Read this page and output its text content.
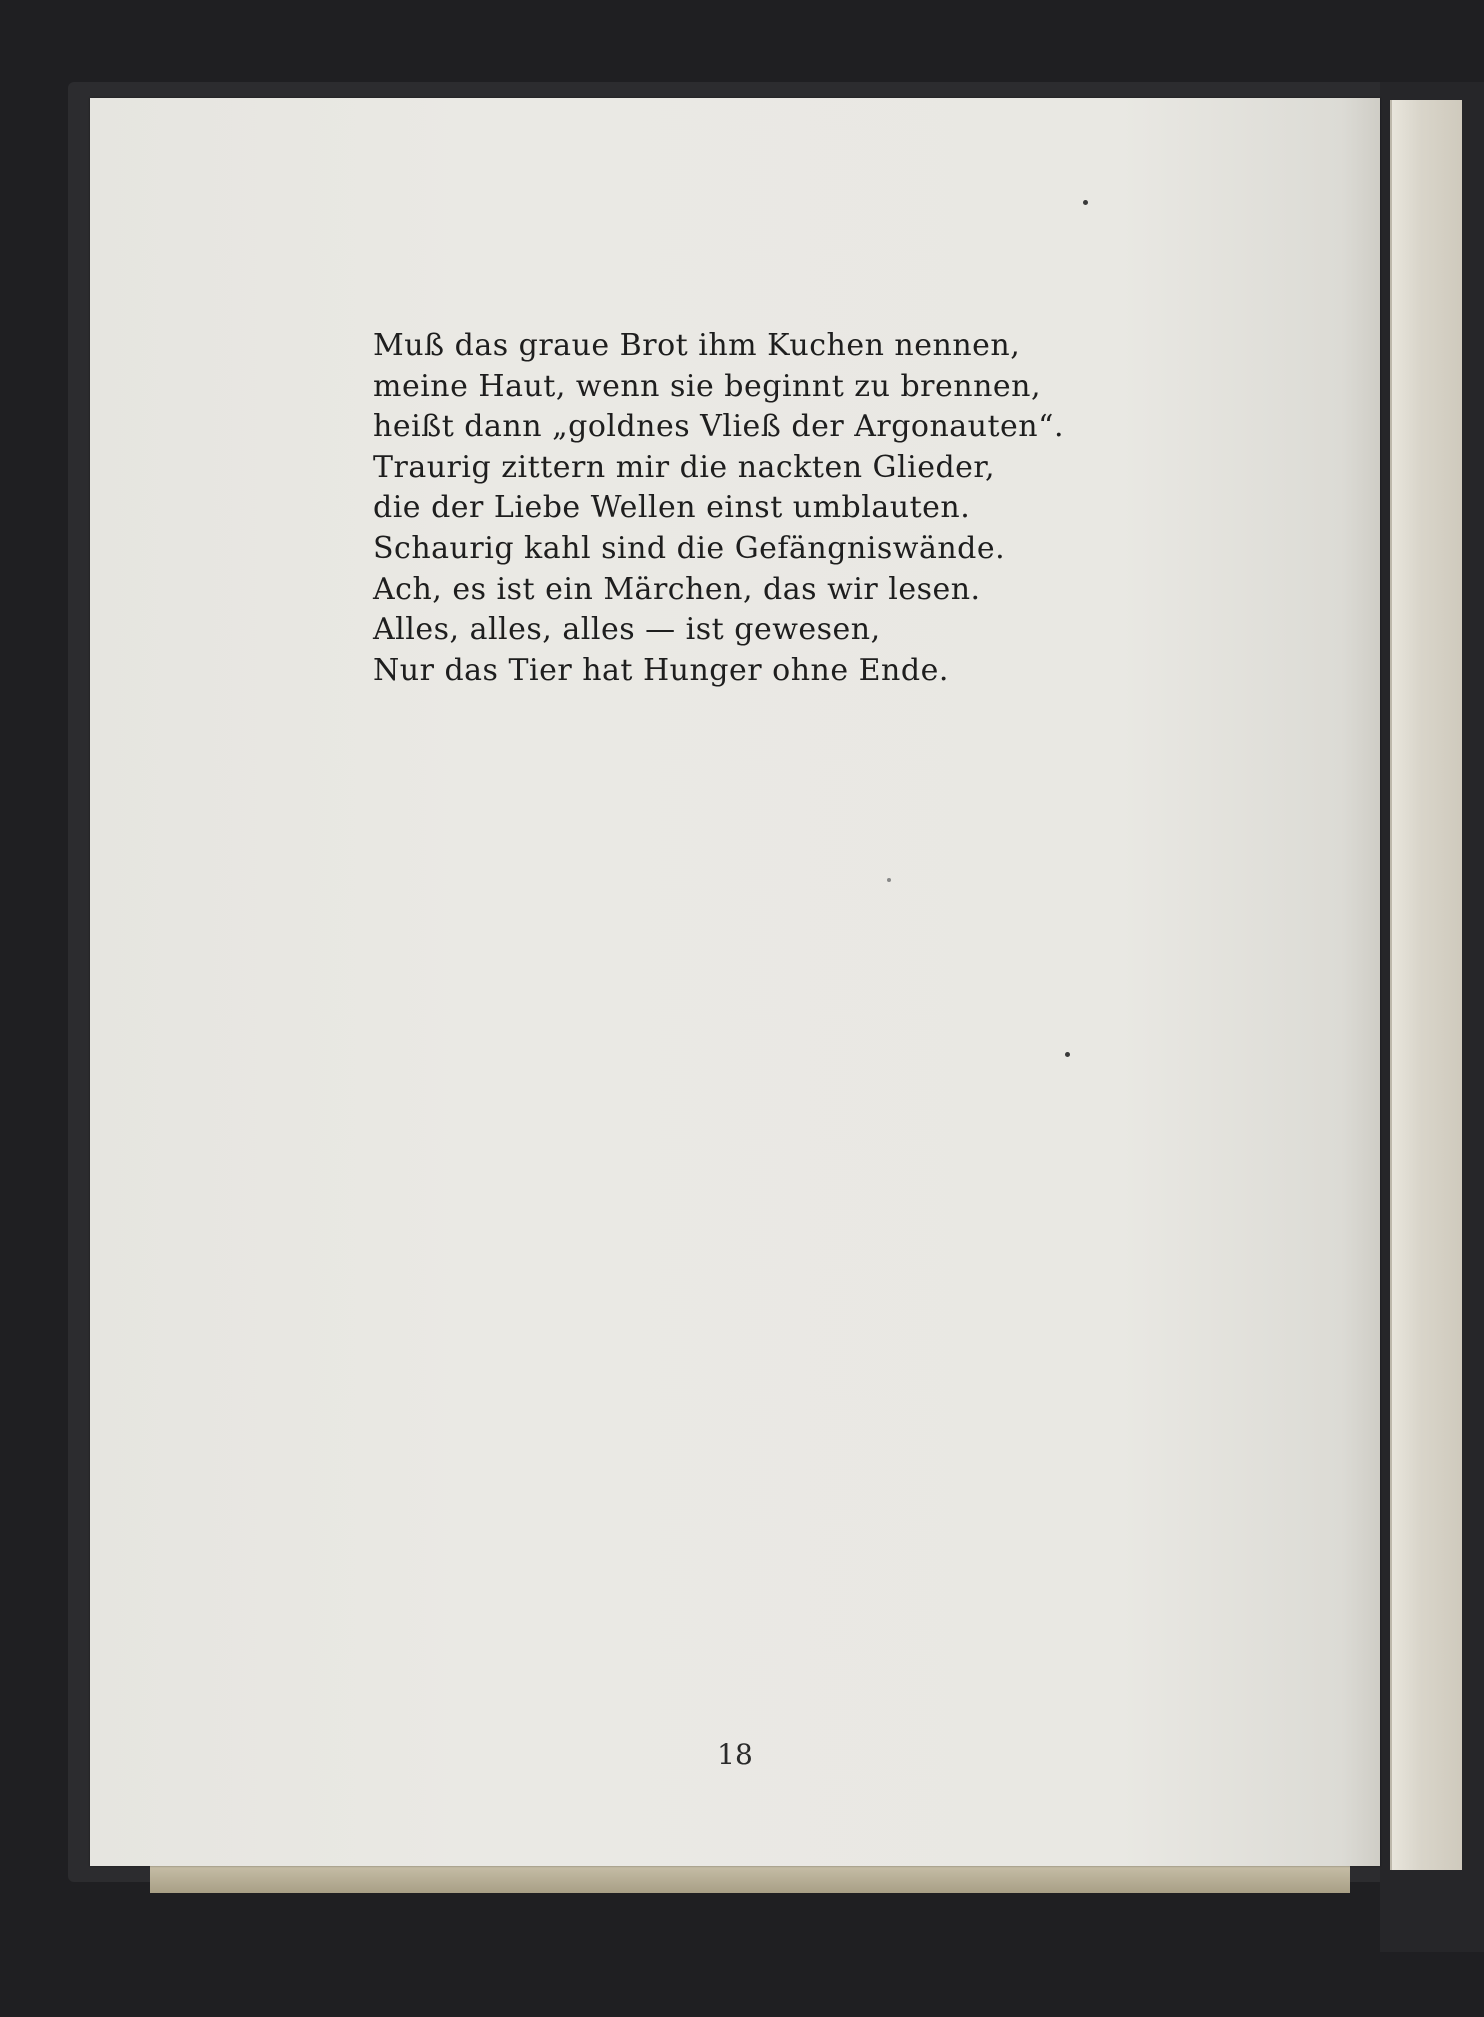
Muß das graue Brot ihm Kuchen nennen,
meine Haut, wenn sie beginnt zu brennen,
heißt dann „goldnes Vließ der Argonauten“.
Traurig zittern mir die nackten Glieder,
die der Liebe Wellen einst umblauten.
Schaurig kahl sind die Gefängniswände.
Ach, es ist ein Märchen, das wir lesen.
Alles, alles, alles — ist gewesen,
Nur das Tier hat Hunger ohne Ende.
18
